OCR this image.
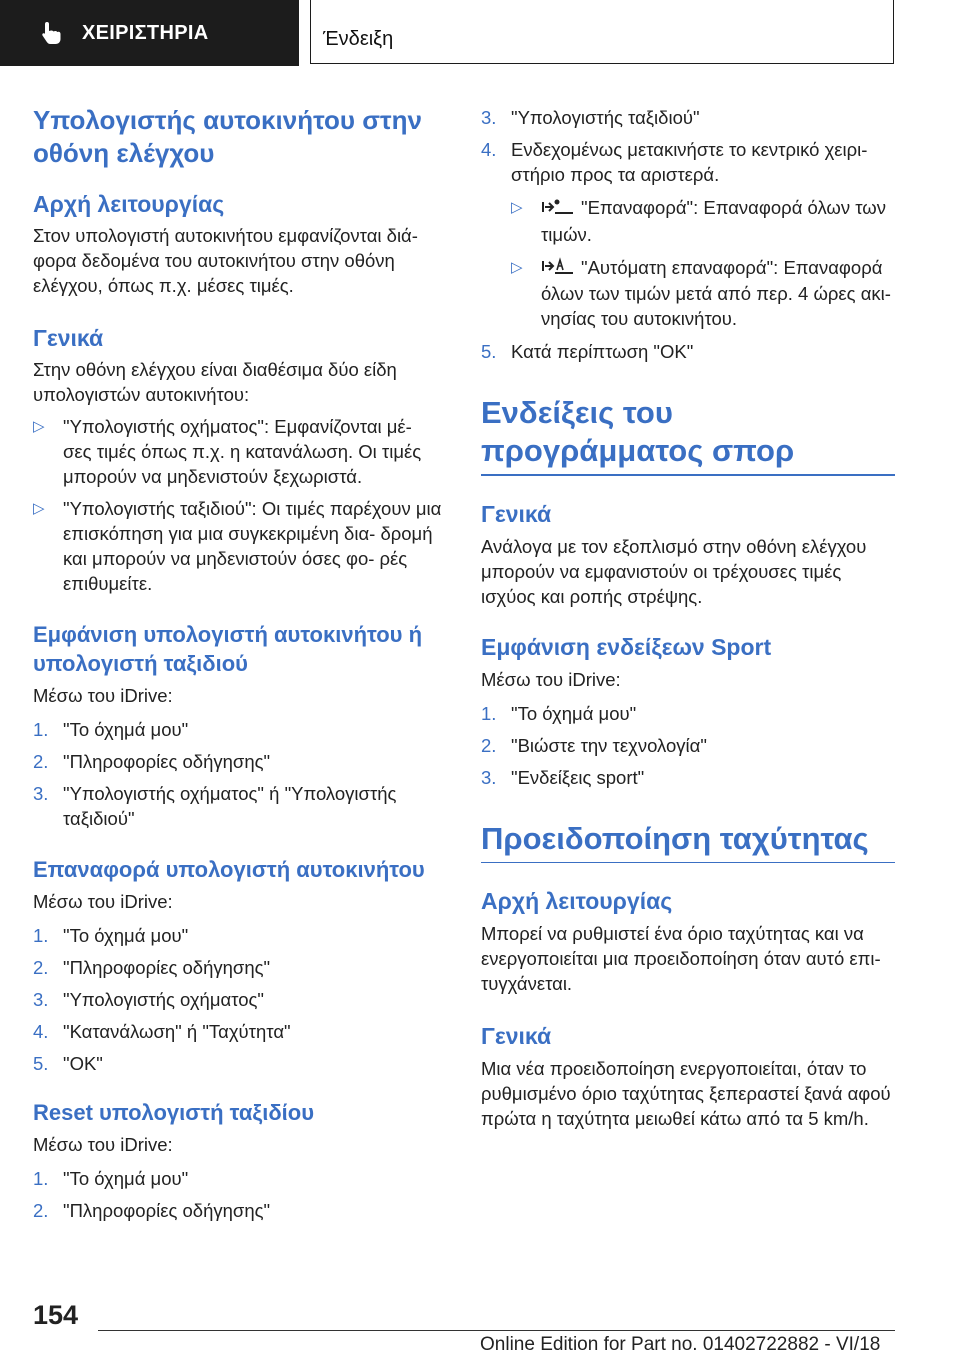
ΧΕΙΡΙΣΤΗΡΙΑ	Ένδειξη
Υπολογιστής αυτοκινήτου στην οθόνη ελέγχου
Αρχή λειτουργίας

Στον υπολογιστή αυτοκινήτου εμφανίζονται διά- φορα δεδομένα του αυτοκινήτου στην οθόνη ελέγχου, όπως π.χ. μέσες τιμές.

Γενικά

Στην οθόνη ελέγχου είναι διαθέσιμα δύο είδη υπολογιστών αυτοκινήτου:

▷ "Υπολογιστής οχήματος": Εμφανίζονται μέ- σες τιμές όπως π.χ. η κατανάλωση. Οι τιμές μπορούν να μηδενιστούν ξεχωριστά.
▷ "Υπολογιστής ταξιδιού": Οι τιμές παρέχουν μια επισκόπηση για μια συγκεκριμένη δια- δρομή και μπορούν να μηδενιστούν όσες φο- ρές επιθυμείτε.
Εμφάνιση υπολογιστή αυτοκινήτου ή υπολογιστή ταξιδιού

Μέσω του iDrive:

1. "Το όχημά μου"
2. "Πληροφορίες οδήγησης"
3. "Υπολογιστής οχήματος" ή "Υπολογιστής ταξιδιού"
Επαναφορά υπολογιστή αυτοκινήτου

Μέσω του iDrive:

1. "Το όχημά μου"
2. "Πληροφορίες οδήγησης"
3. "Υπολογιστής οχήματος"
4. "Κατανάλωση" ή "Ταχύτητα"
5. "OK"
Reset υπολογιστή ταξιδίου

Μέσω του iDrive:

1. "Το όχημά μου"
2. "Πληροφορίες οδήγησης"
3. "Υπολογιστής ταξιδιού"
4. Ενδεχομένως μετακινήστε το κεντρικό χειρι- στήριο προς τα αριστερά.
▷	"Επαναφορά": Επαναφορά όλων των τιμών.
▷	"Αυτόματη επαναφορά": Επαναφορά όλων των τιμών μετά από περ. 4 ώρες ακι- νησίας του αυτοκινήτου.
5. Κατά περίπτωση "OK"
Ενδείξεις του προγράμματος σπορ
Γενικά

Ανάλογα με τον εξοπλισμό στην οθόνη ελέγχου μπορούν να εμφανιστούν οι τρέχουσες τιμές ισχύος και ροπής στρέψης.

Εμφάνιση ενδείξεων Sport

Μέσω του iDrive:

1. "Το όχημά μου"
2. "Βιώστε την τεχνολογία"
3. "Ενδείξεις sport"
Προειδοποίηση ταχύτητας
Αρχή λειτουργίας

Μπορεί να ρυθμιστεί ένα όριο ταχύτητας και να ενεργοποιείται μια προειδοποίηση όταν αυτό επι- τυγχάνεται.

Γενικά

Μια νέα προειδοποίηση ενεργοποιείται, όταν το ρυθμισμένο όριο ταχύτητας ξεπεραστεί ξανά αφού πρώτα η ταχύτητα μειωθεί κάτω από τα 5 km/h.

154
Online Edition for Part no. 01402722882 - VI/18
